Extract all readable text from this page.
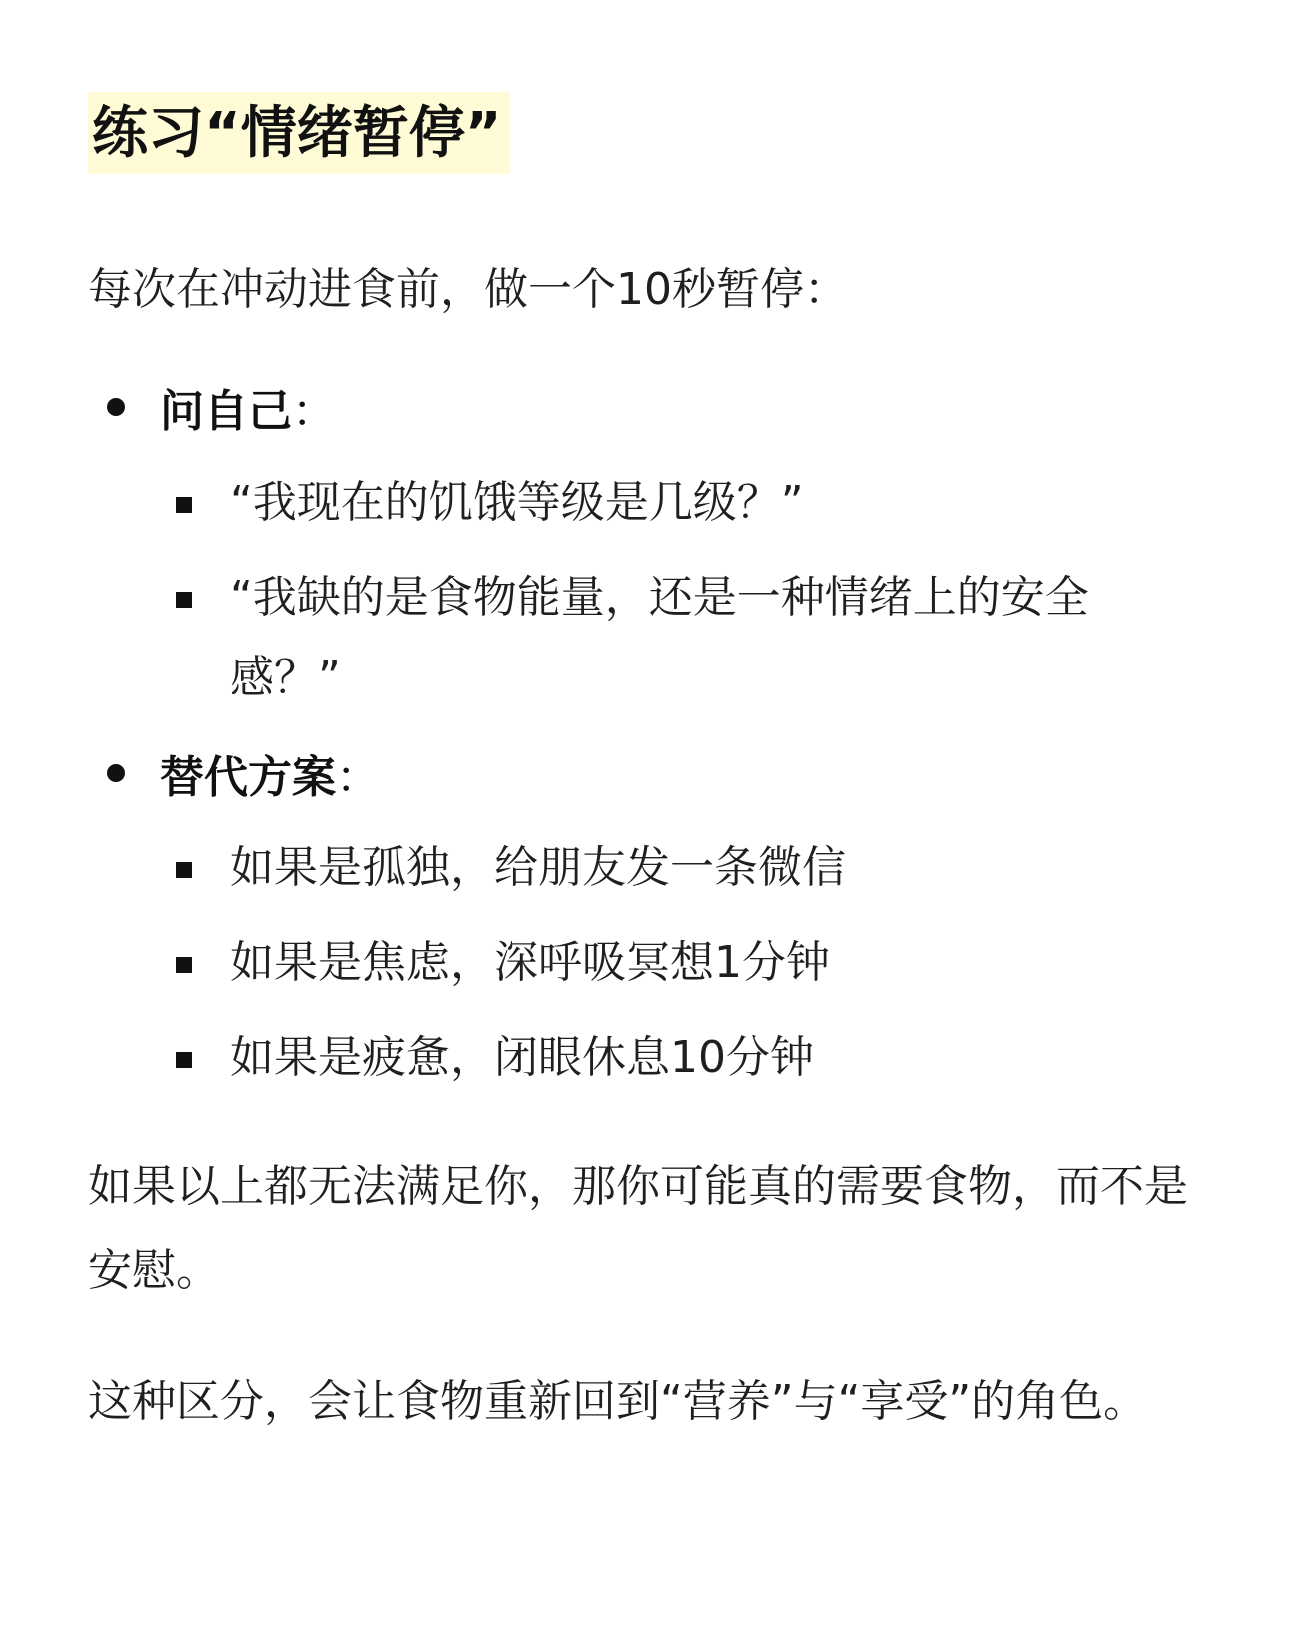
练习“情绪暂停”

每次在冲动进食前，做一个10秒暂停：

问自己 ：
“我现在的饥饿等级是几级？”
“我缺的是食物能量，还是一种情绪上的安全感？”
替代方案 ：
如果是孤独，给朋友发一条微信
如果是焦虑，深呼吸冥想1分钟
如果是疲惫，闭眼休息10分钟

如果以上都无法满足你，那你可能真的需要食物，而不是安慰。

这种区分，会让食物重新回到“营养”与“享受”的角色。
